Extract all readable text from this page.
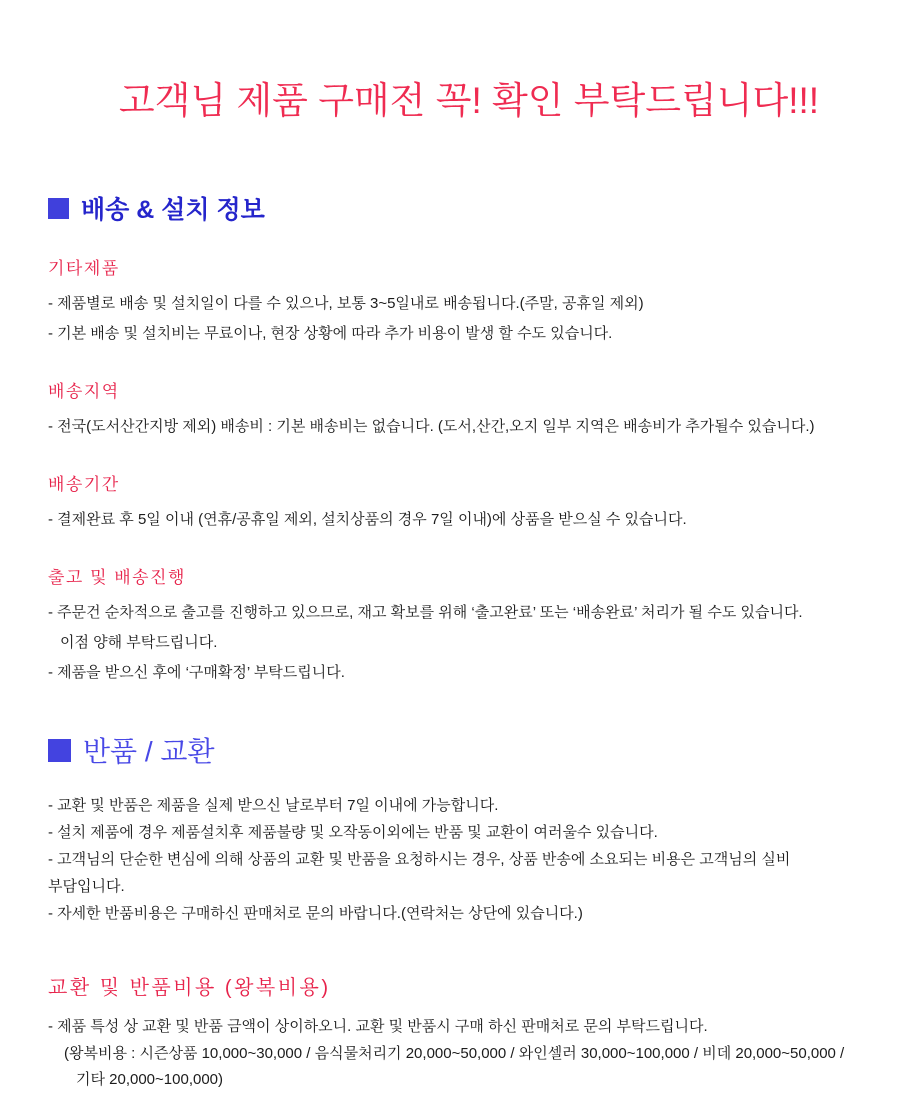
고객님 제품 구매전 꼭! 확인 부탁드립니다!!!
배송 & 설치 정보
기타제품
- 제품별로 배송 및 설치일이 다를 수 있으나, 보통 3~5일내로 배송됩니다.(주말, 공휴일 제외)
- 기본 배송 및 설치비는 무료이나, 현장 상황에 따라 추가 비용이 발생 할 수도 있습니다.
배송지역
- 전국(도서산간지방 제외) 배송비 : 기본 배송비는 없습니다. (도서,산간,오지 일부 지역은 배송비가 추가될수 있습니다.)
배송기간
- 결제완료 후 5일 이내 (연휴/공휴일 제외, 설치상품의 경우 7일 이내)에 상품을 받으실 수 있습니다.
출고 및 배송진행
- 주문건 순차적으로 출고를 진행하고 있으므로, 재고 확보를 위해 ‘출고완료’ 또는 ‘배송완료’ 처리가 될 수도 있습니다.
이점 양해 부탁드립니다.
- 제품을 받으신 후에 ‘구매확정’ 부탁드립니다.
반품 / 교환
- 교환 및 반품은 제품을 실제 받으신 날로부터 7일 이내에 가능합니다.
- 설치 제품에 경우 제품설치후 제품불량 및 오작동이외에는 반품 및 교환이 여러울수 있습니다.
- 고객님의 단순한 변심에 의해 상품의 교환 및 반품을 요청하시는 경우, 상품 반송에 소요되는 비용은 고객님의 실비
부담입니다.
- 자세한 반품비용은 구매하신 판매처로 문의 바랍니다.(연락처는 상단에 있습니다.)
교환 및 반품비용 (왕복비용)
- 제품 특성 상 교환 및 반품 금액이 상이하오니. 교환 및 반품시 구매 하신 판매처로 문의 부탁드립니다.
(왕복비용 : 시즌상품 10,000~30,000 / 음식물처리기 20,000~50,000 / 와인셀러 30,000~100,000 / 비데 20,000~50,000 /
기타 20,000~100,000)
